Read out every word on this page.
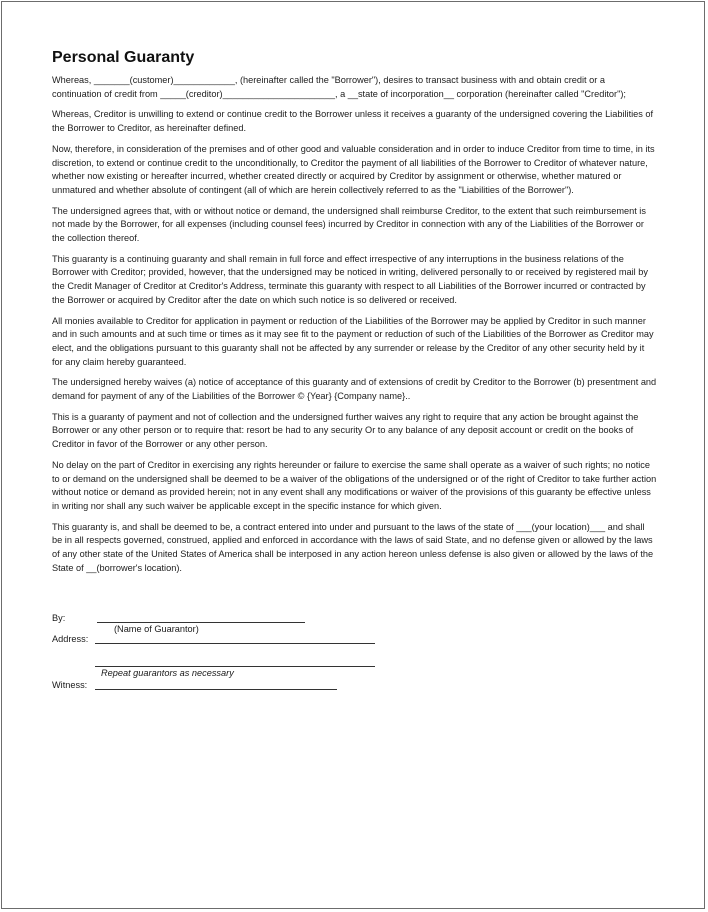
Personal Guaranty

Whereas, _______(customer)____________, (hereinafter called the "Borrower"), desires to transact business with and obtain credit or a continuation of credit from _____(creditor)______________________, a __state of incorporation__ corporation (hereinafter called "Creditor");

Whereas, Creditor is unwilling to extend or continue credit to the Borrower unless it receives a guaranty of the undersigned covering the Liabilities of the Borrower to Creditor, as hereinafter defined.

Now, therefore, in consideration of the premises and of other good and valuable consideration and in order to induce Creditor from time to time, in its discretion, to extend or continue credit to the unconditionally, to Creditor the payment of all liabilities of the Borrower to Creditor of whatever nature, whether now existing or hereafter incurred, whether created directly or acquired by Creditor by assignment or otherwise, whether matured or unmatured and whether absolute of contingent (all of which are herein collectively referred to as the "Liabilities of the Borrower").

The undersigned agrees that, with or without notice or demand, the undersigned shall reimburse Creditor, to the extent that such reimbursement is not made by the Borrower, for all expenses (including counsel fees) incurred by Creditor in connection with any of the Liabilities of the Borrower or the collection thereof.

This guaranty is a continuing guaranty and shall remain in full force and effect irrespective of any interruptions in the business relations of the Borrower with Creditor; provided, however, that the undersigned may be noticed in writing, delivered personally to or received by registered mail by the Credit Manager of Creditor at Creditor's Address, terminate this guaranty with respect to all Liabilities of the Borrower incurred or contracted by the Borrower or acquired by Creditor after the date on which such notice is so delivered or received.

All monies available to Creditor for application in payment or reduction of the Liabilities of the Borrower may be applied by Creditor in such manner and in such amounts and at such time or times as it may see fit to the payment or reduction of such of the Liabilities of the Borrower as Creditor may elect, and the obligations pursuant to this guaranty shall not be affected by any surrender or release by the Creditor of any other security held by it for any claim hereby guaranteed.

The undersigned hereby waives (a) notice of acceptance of this guaranty and of extensions of credit by Creditor to the Borrower (b) presentment and demand for payment of any of the Liabilities of the Borrower © {Year} {Company name}..

This is a guaranty of payment and not of collection and the undersigned further waives any right to require that any action be brought against the Borrower or any other person or to require that: resort be had to any security Or to any balance of any deposit account or credit on the books of Creditor in favor of the Borrower or any other person.

No delay on the part of Creditor in exercising any rights hereunder or failure to exercise the same shall operate as a waiver of such rights; no notice to or demand on the undersigned shall be deemed to be a waiver of the obligations of the undersigned or of the right of Creditor to take further action without notice or demand as provided herein; not in any event shall any modifications or waiver of the provisions of this guaranty be effective unless in writing nor shall any such waiver be applicable except in the specific instance for which given.

This guaranty is, and shall be deemed to be, a contract entered into under and pursuant to the laws of the state of ___(your location)___ and shall be in all respects governed, construed, applied and enforced in accordance with the laws of said State, and no defense given or allowed by the laws of any other state of the United States of America shall be interposed in any action hereon unless defense is also given or allowed by the laws of the State of __(borrower's location).

By:
(Name of Guarantor)
Address:
Repeat guarantors as necessary
Witness:
